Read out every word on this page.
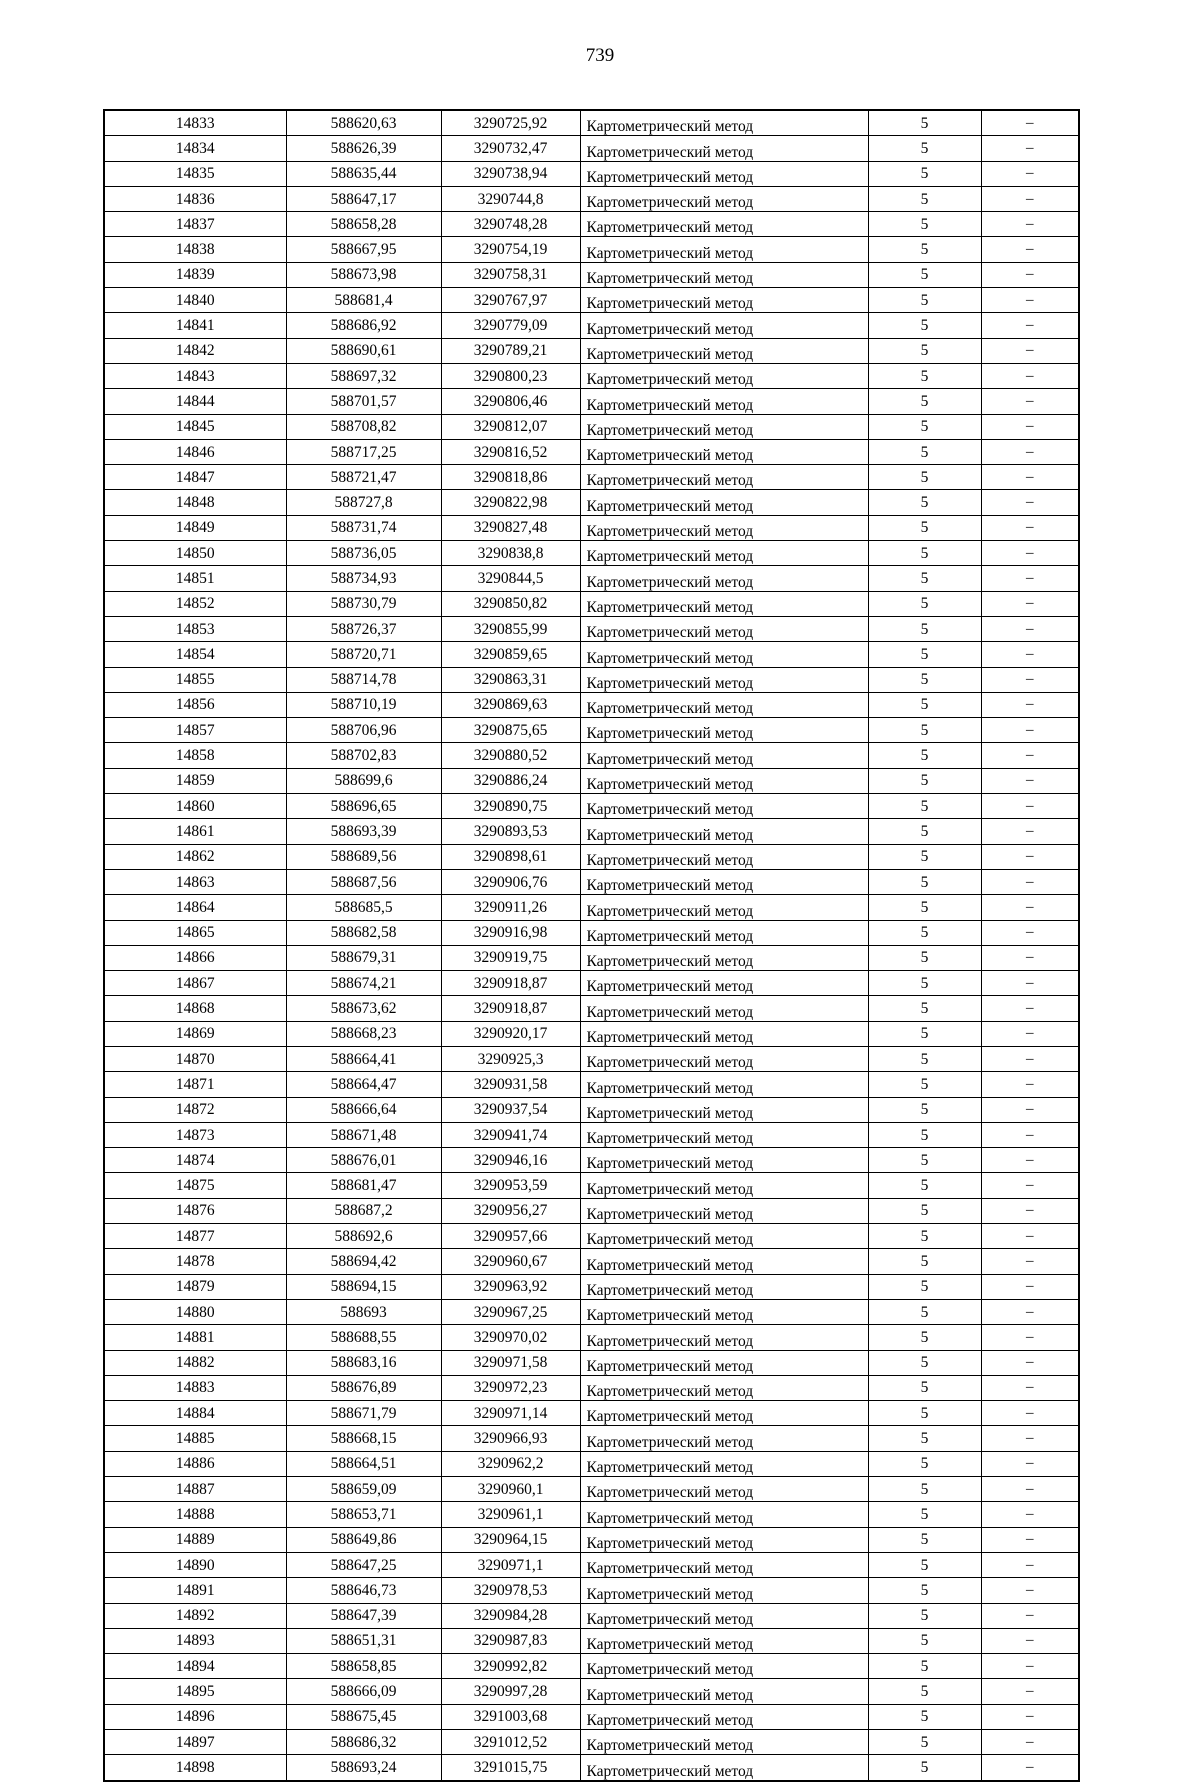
739
14833	588620,63	3290725,92	Картометрический метод	5	–
14834	588626,39	3290732,47	Картометрический метод	5	–
14835	588635,44	3290738,94	Картометрический метод	5	–
14836	588647,17	3290744,8	Картометрический метод	5	–
14837	588658,28	3290748,28	Картометрический метод	5	–
14838	588667,95	3290754,19	Картометрический метод	5	–
14839	588673,98	3290758,31	Картометрический метод	5	–
14840	588681,4	3290767,97	Картометрический метод	5	–
14841	588686,92	3290779,09	Картометрический метод	5	–
14842	588690,61	3290789,21	Картометрический метод	5	–
14843	588697,32	3290800,23	Картометрический метод	5	–
14844	588701,57	3290806,46	Картометрический метод	5	–
14845	588708,82	3290812,07	Картометрический метод	5	–
14846	588717,25	3290816,52	Картометрический метод	5	–
14847	588721,47	3290818,86	Картометрический метод	5	–
14848	588727,8	3290822,98	Картометрический метод	5	–
14849	588731,74	3290827,48	Картометрический метод	5	–
14850	588736,05	3290838,8	Картометрический метод	5	–
14851	588734,93	3290844,5	Картометрический метод	5	–
14852	588730,79	3290850,82	Картометрический метод	5	–
14853	588726,37	3290855,99	Картометрический метод	5	–
14854	588720,71	3290859,65	Картометрический метод	5	–
14855	588714,78	3290863,31	Картометрический метод	5	–
14856	588710,19	3290869,63	Картометрический метод	5	–
14857	588706,96	3290875,65	Картометрический метод	5	–
14858	588702,83	3290880,52	Картометрический метод	5	–
14859	588699,6	3290886,24	Картометрический метод	5	–
14860	588696,65	3290890,75	Картометрический метод	5	–
14861	588693,39	3290893,53	Картометрический метод	5	–
14862	588689,56	3290898,61	Картометрический метод	5	–
14863	588687,56	3290906,76	Картометрический метод	5	–
14864	588685,5	3290911,26	Картометрический метод	5	–
14865	588682,58	3290916,98	Картометрический метод	5	–
14866	588679,31	3290919,75	Картометрический метод	5	–
14867	588674,21	3290918,87	Картометрический метод	5	–
14868	588673,62	3290918,87	Картометрический метод	5	–
14869	588668,23	3290920,17	Картометрический метод	5	–
14870	588664,41	3290925,3	Картометрический метод	5	–
14871	588664,47	3290931,58	Картометрический метод	5	–
14872	588666,64	3290937,54	Картометрический метод	5	–
14873	588671,48	3290941,74	Картометрический метод	5	–
14874	588676,01	3290946,16	Картометрический метод	5	–
14875	588681,47	3290953,59	Картометрический метод	5	–
14876	588687,2	3290956,27	Картометрический метод	5	–
14877	588692,6	3290957,66	Картометрический метод	5	–
14878	588694,42	3290960,67	Картометрический метод	5	–
14879	588694,15	3290963,92	Картометрический метод	5	–
14880	588693	3290967,25	Картометрический метод	5	–
14881	588688,55	3290970,02	Картометрический метод	5	–
14882	588683,16	3290971,58	Картометрический метод	5	–
14883	588676,89	3290972,23	Картометрический метод	5	–
14884	588671,79	3290971,14	Картометрический метод	5	–
14885	588668,15	3290966,93	Картометрический метод	5	–
14886	588664,51	3290962,2	Картометрический метод	5	–
14887	588659,09	3290960,1	Картометрический метод	5	–
14888	588653,71	3290961,1	Картометрический метод	5	–
14889	588649,86	3290964,15	Картометрический метод	5	–
14890	588647,25	3290971,1	Картометрический метод	5	–
14891	588646,73	3290978,53	Картометрический метод	5	–
14892	588647,39	3290984,28	Картометрический метод	5	–
14893	588651,31	3290987,83	Картометрический метод	5	–
14894	588658,85	3290992,82	Картометрический метод	5	–
14895	588666,09	3290997,28	Картометрический метод	5	–
14896	588675,45	3291003,68	Картометрический метод	5	–
14897	588686,32	3291012,52	Картометрический метод	5	–
14898	588693,24	3291015,75	Картометрический метод	5	–
